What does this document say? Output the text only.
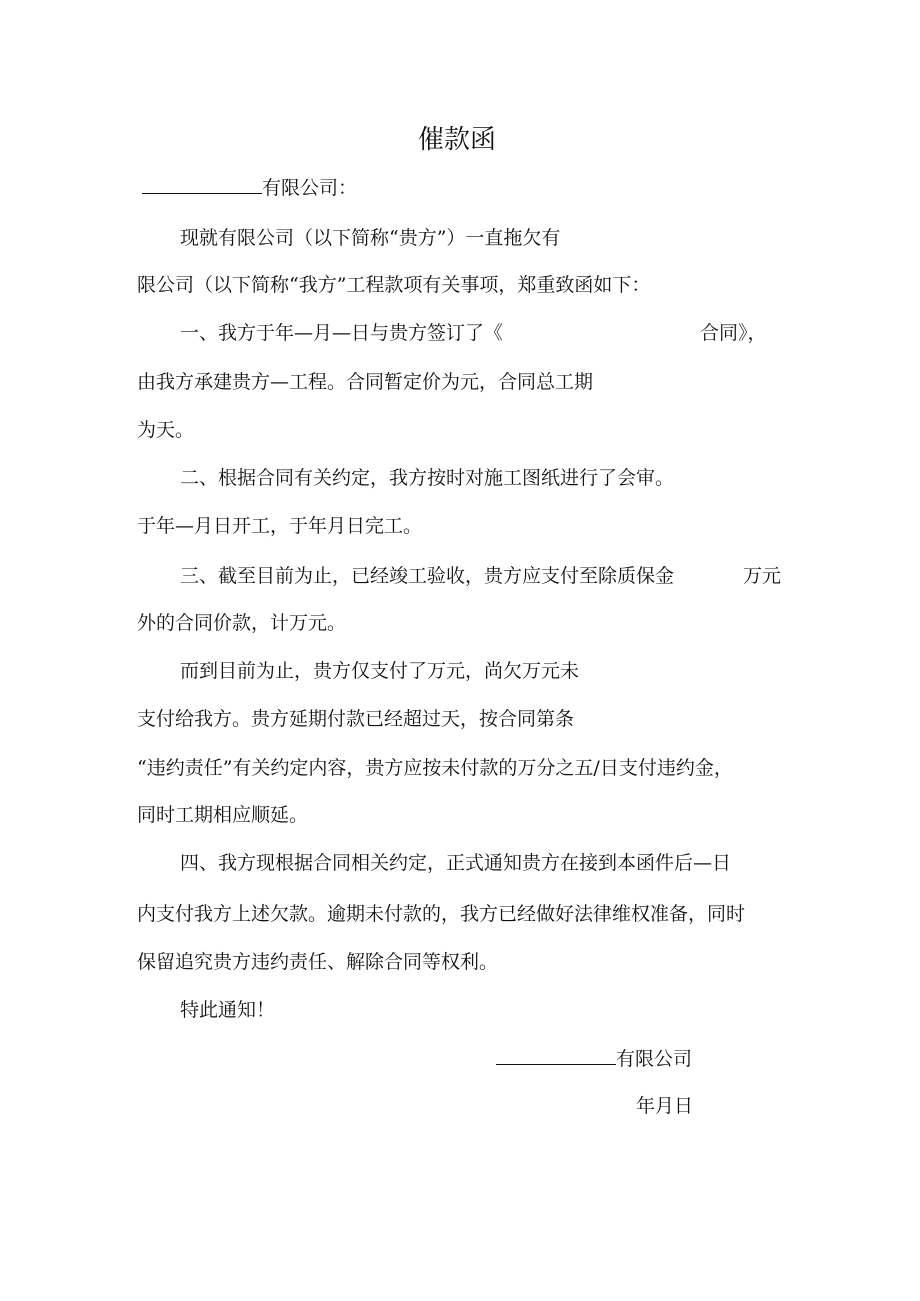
催款函
有限公司：
现就有限公司（以下简称“贵方”）一直拖欠有
限公司（以下简称“我方”工程款项有关事项，郑重致函如下：
一、我方于年—月—日与贵方签订了《	合同》，
由我方承建贵方—工程。合同暂定价为元，合同总工期
为天。
二、根据合同有关约定，我方按时对施工图纸进行了会审。
于年—月日开工，于年月日完工。
三、截至目前为止，已经竣工验收，贵方应支付至除质保金	万元
外的合同价款，计万元。
而到目前为止，贵方仅支付了万元，尚欠万元未
支付给我方。贵方延期付款已经超过天，按合同第条
“违约责任”有关约定内容，贵方应按未付款的万分之五/日支付违约金，
同时工期相应顺延。
四、我方现根据合同相关约定，正式通知贵方在接到本函件后—日
内支付我方上述欠款。逾期未付款的，我方已经做好法律维权准备，同时
保留追究贵方违约责任、解除合同等权利。
特此通知！
有限公司
年月日
